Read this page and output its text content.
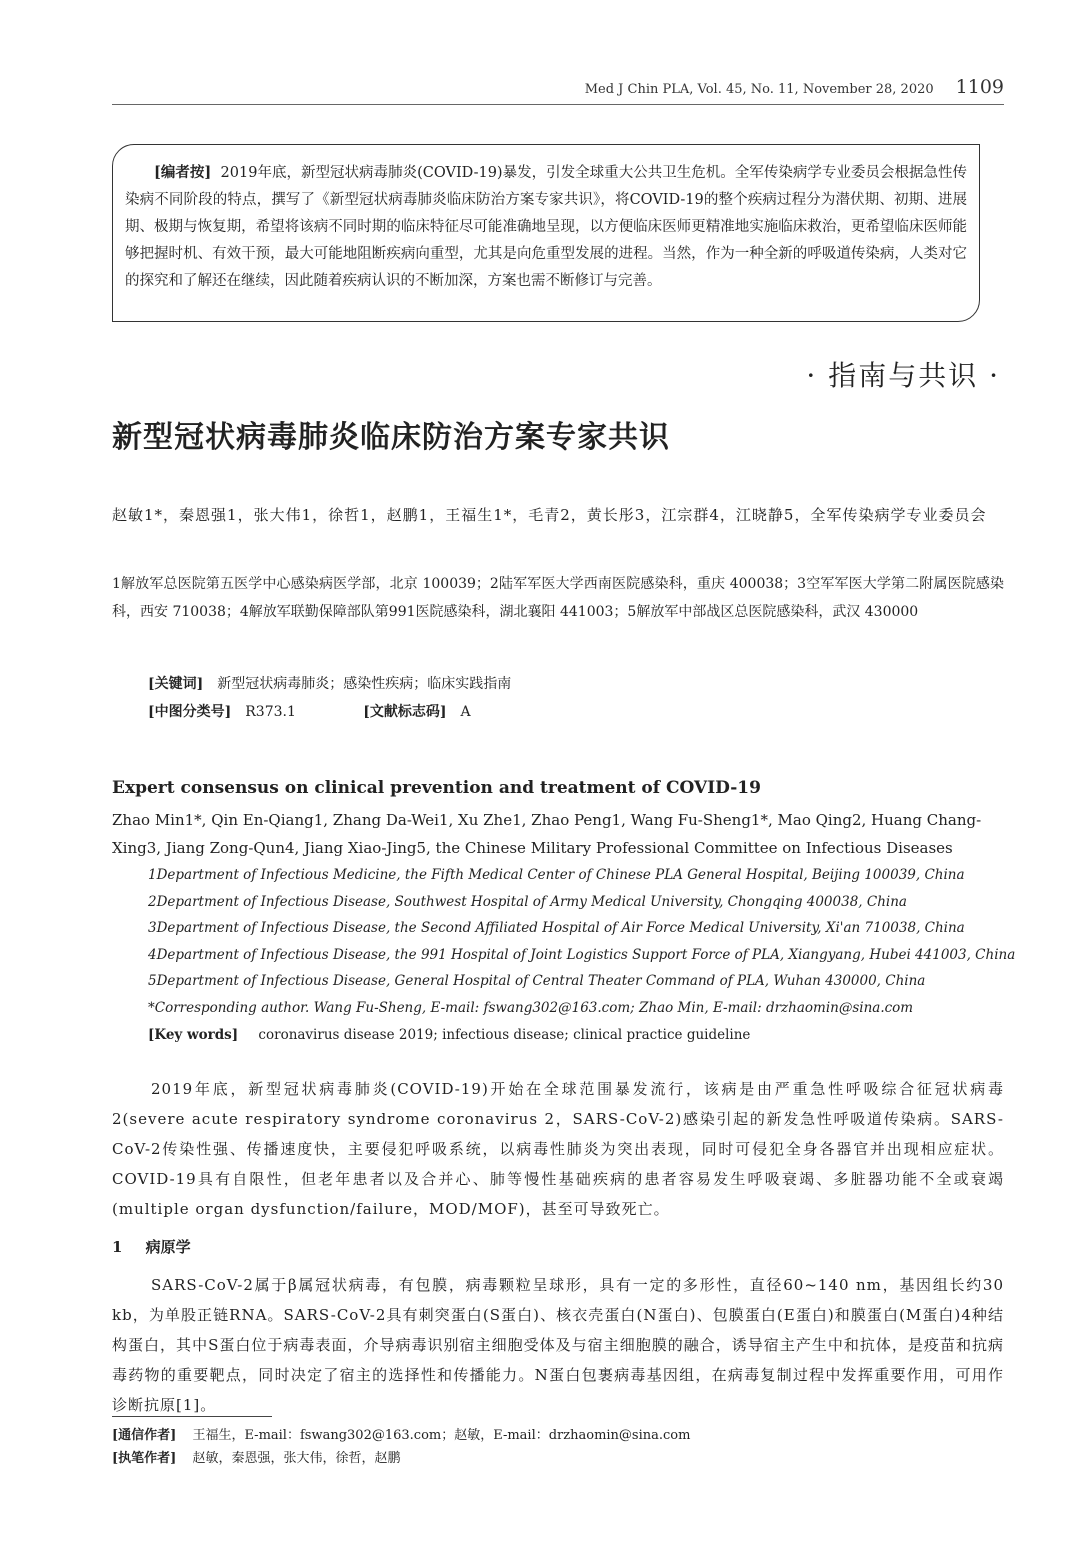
Med J Chin PLA, Vol. 45, No. 11, November 28, 2020 1109

[编者按] 2019年底，新型冠状病毒肺炎(COVID-19)暴发，引发全球重大公共卫生危机。全军传染病学专业委员会根据急性传染病不同阶段的特点，撰写了《新型冠状病毒肺炎临床防治方案专家共识》，将COVID-19的整个疾病过程分为潜伏期、初期、进展期、极期与恢复期，希望将该病不同时期的临床特征尽可能准确地呈现，以方便临床医师更精准地实施临床救治，更希望临床医师能够把握时机、有效干预，最大可能地阻断疾病向重型，尤其是向危重型发展的进程。当然，作为一种全新的呼吸道传染病，人类对它的探究和了解还在继续，因此随着疾病认识的不断加深，方案也需不断修订与完善。

· 指南与共识 ·
新型冠状病毒肺炎临床防治方案专家共识
赵敏1*，秦恩强1，张大伟1，徐哲1，赵鹏1，王福生1*，毛青2，黄长彤3，江宗群4，江晓静5，全军传染病学专业委员会
1解放军总医院第五医学中心感染病医学部，北京 100039；2陆军军医大学西南医院感染科，重庆 400038；3空军军医大学第二附属医院感染科，西安 710038；4解放军联勤保障部队第991医院感染科，湖北襄阳 441003；5解放军中部战区总医院感染科，武汉 430000
[关键词] 新型冠状病毒肺炎；感染性疾病；临床实践指南
[中图分类号] R373.1	[文献标志码] A
Expert consensus on clinical prevention and treatment of COVID-19
Zhao Min1*, Qin En-Qiang1, Zhang Da-Wei1, Xu Zhe1, Zhao Peng1, Wang Fu-Sheng1*, Mao Qing2, Huang Chang-Xing3, Jiang Zong-Qun4, Jiang Xiao-Jing5, the Chinese Military Professional Committee on Infectious Diseases
1Department of Infectious Medicine, the Fifth Medical Center of Chinese PLA General Hospital, Beijing 100039, China
2Department of Infectious Disease, Southwest Hospital of Army Medical University, Chongqing 400038, China
3Department of Infectious Disease, the Second Affiliated Hospital of Air Force Medical University, Xi'an 710038, China
4Department of Infectious Disease, the 991 Hospital of Joint Logistics Support Force of PLA, Xiangyang, Hubei 441003, China
5Department of Infectious Disease, General Hospital of Central Theater Command of PLA, Wuhan 430000, China
*Corresponding author. Wang Fu-Sheng, E-mail: fswang302@163.com; Zhao Min, E-mail: drzhaomin@sina.com
[Key words] coronavirus disease 2019; infectious disease; clinical practice guideline
2019年底，新型冠状病毒肺炎(COVID-19)开始在全球范围暴发流行，该病是由严重急性呼吸综合征冠状病毒2(severe acute respiratory syndrome coronavirus 2，SARS-CoV-2)感染引起的新发急性呼吸道传染病。SARS-CoV-2传染性强、传播速度快，主要侵犯呼吸系统，以病毒性肺炎为突出表现，同时可侵犯全身各器官并出现相应症状。COVID-19具有自限性，但老年患者以及合并心、肺等慢性基础疾病的患者容易发生呼吸衰竭、多脏器功能不全或衰竭(multiple organ dysfunction/failure，MOD/MOF)，甚至可导致死亡。
1 病原学
SARS-CoV-2属于β属冠状病毒，有包膜，病毒颗粒呈球形，具有一定的多形性，直径60~140 nm，基因组长约30 kb，为单股正链RNA。SARS-CoV-2具有刺突蛋白(S蛋白)、核衣壳蛋白(N蛋白)、包膜蛋白(E蛋白)和膜蛋白(M蛋白)4种结构蛋白，其中S蛋白位于病毒表面，介导病毒识别宿主细胞受体及与宿主细胞膜的融合，诱导宿主产生中和抗体，是疫苗和抗病毒药物的重要靶点，同时决定了宿主的选择性和传播能力。N蛋白包裹病毒基因组，在病毒复制过程中发挥重要作用，可用作诊断抗原[1]。
[通信作者] 王福生，E-mail：fswang302@163.com；赵敏，E-mail：drzhaomin@sina.com
[执笔作者] 赵敏，秦恩强，张大伟，徐哲，赵鹏
